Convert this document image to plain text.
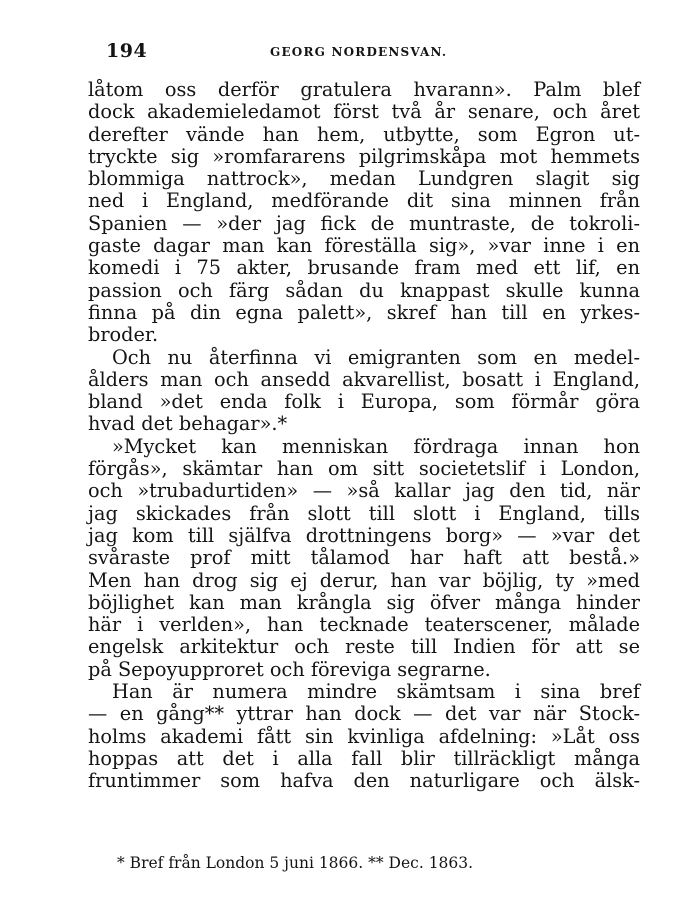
194	GEORG NORDENSVAN.
låtom oss derför gratulera hvarann». Palm blef
dock akademieledamot först två år senare, och året
derefter vände han hem, utbytte, som Egron ut-
tryckte sig »romfararens pilgrimskåpa mot hemmets
blommiga nattrock», medan Lundgren slagit sig
ned i England, medförande dit sina minnen från
Spanien — »der jag fick de muntraste, de tokroli-
gaste dagar man kan föreställa sig», »var inne i en
komedi i 75 akter, brusande fram med ett lif, en
passion och färg sådan du knappast skulle kunna
finna på din egna palett», skref han till en yrkes-
broder.
Och nu återfinna vi emigranten som en medel-
ålders man och ansedd akvarellist, bosatt i England,
bland »det enda folk i Europa, som förmår göra
hvad det behagar».*
»Mycket kan menniskan fördraga innan hon
förgås», skämtar han om sitt societetslif i London,
och »trubadurtiden» — »så kallar jag den tid, när
jag skickades från slott till slott i England, tills
jag kom till själfva drottningens borg» — »var det
svåraste prof mitt tålamod har haft att bestå.»
Men han drog sig ej derur, han var böjlig, ty »med
böjlighet kan man krångla sig öfver många hinder
här i verlden», han tecknade teaterscener, målade
engelsk arkitektur och reste till Indien för att se
på Sepoyupproret och föreviga segrarne.
Han är numera mindre skämtsam i sina bref
— en gång** yttrar han dock — det var när Stock-
holms akademi fått sin kvinliga afdelning: »Låt oss
hoppas att det i alla fall blir tillräckligt många
fruntimmer som hafva den naturligare och älsk-
* Bref från London 5 juni 1866. ** Dec. 1863.
